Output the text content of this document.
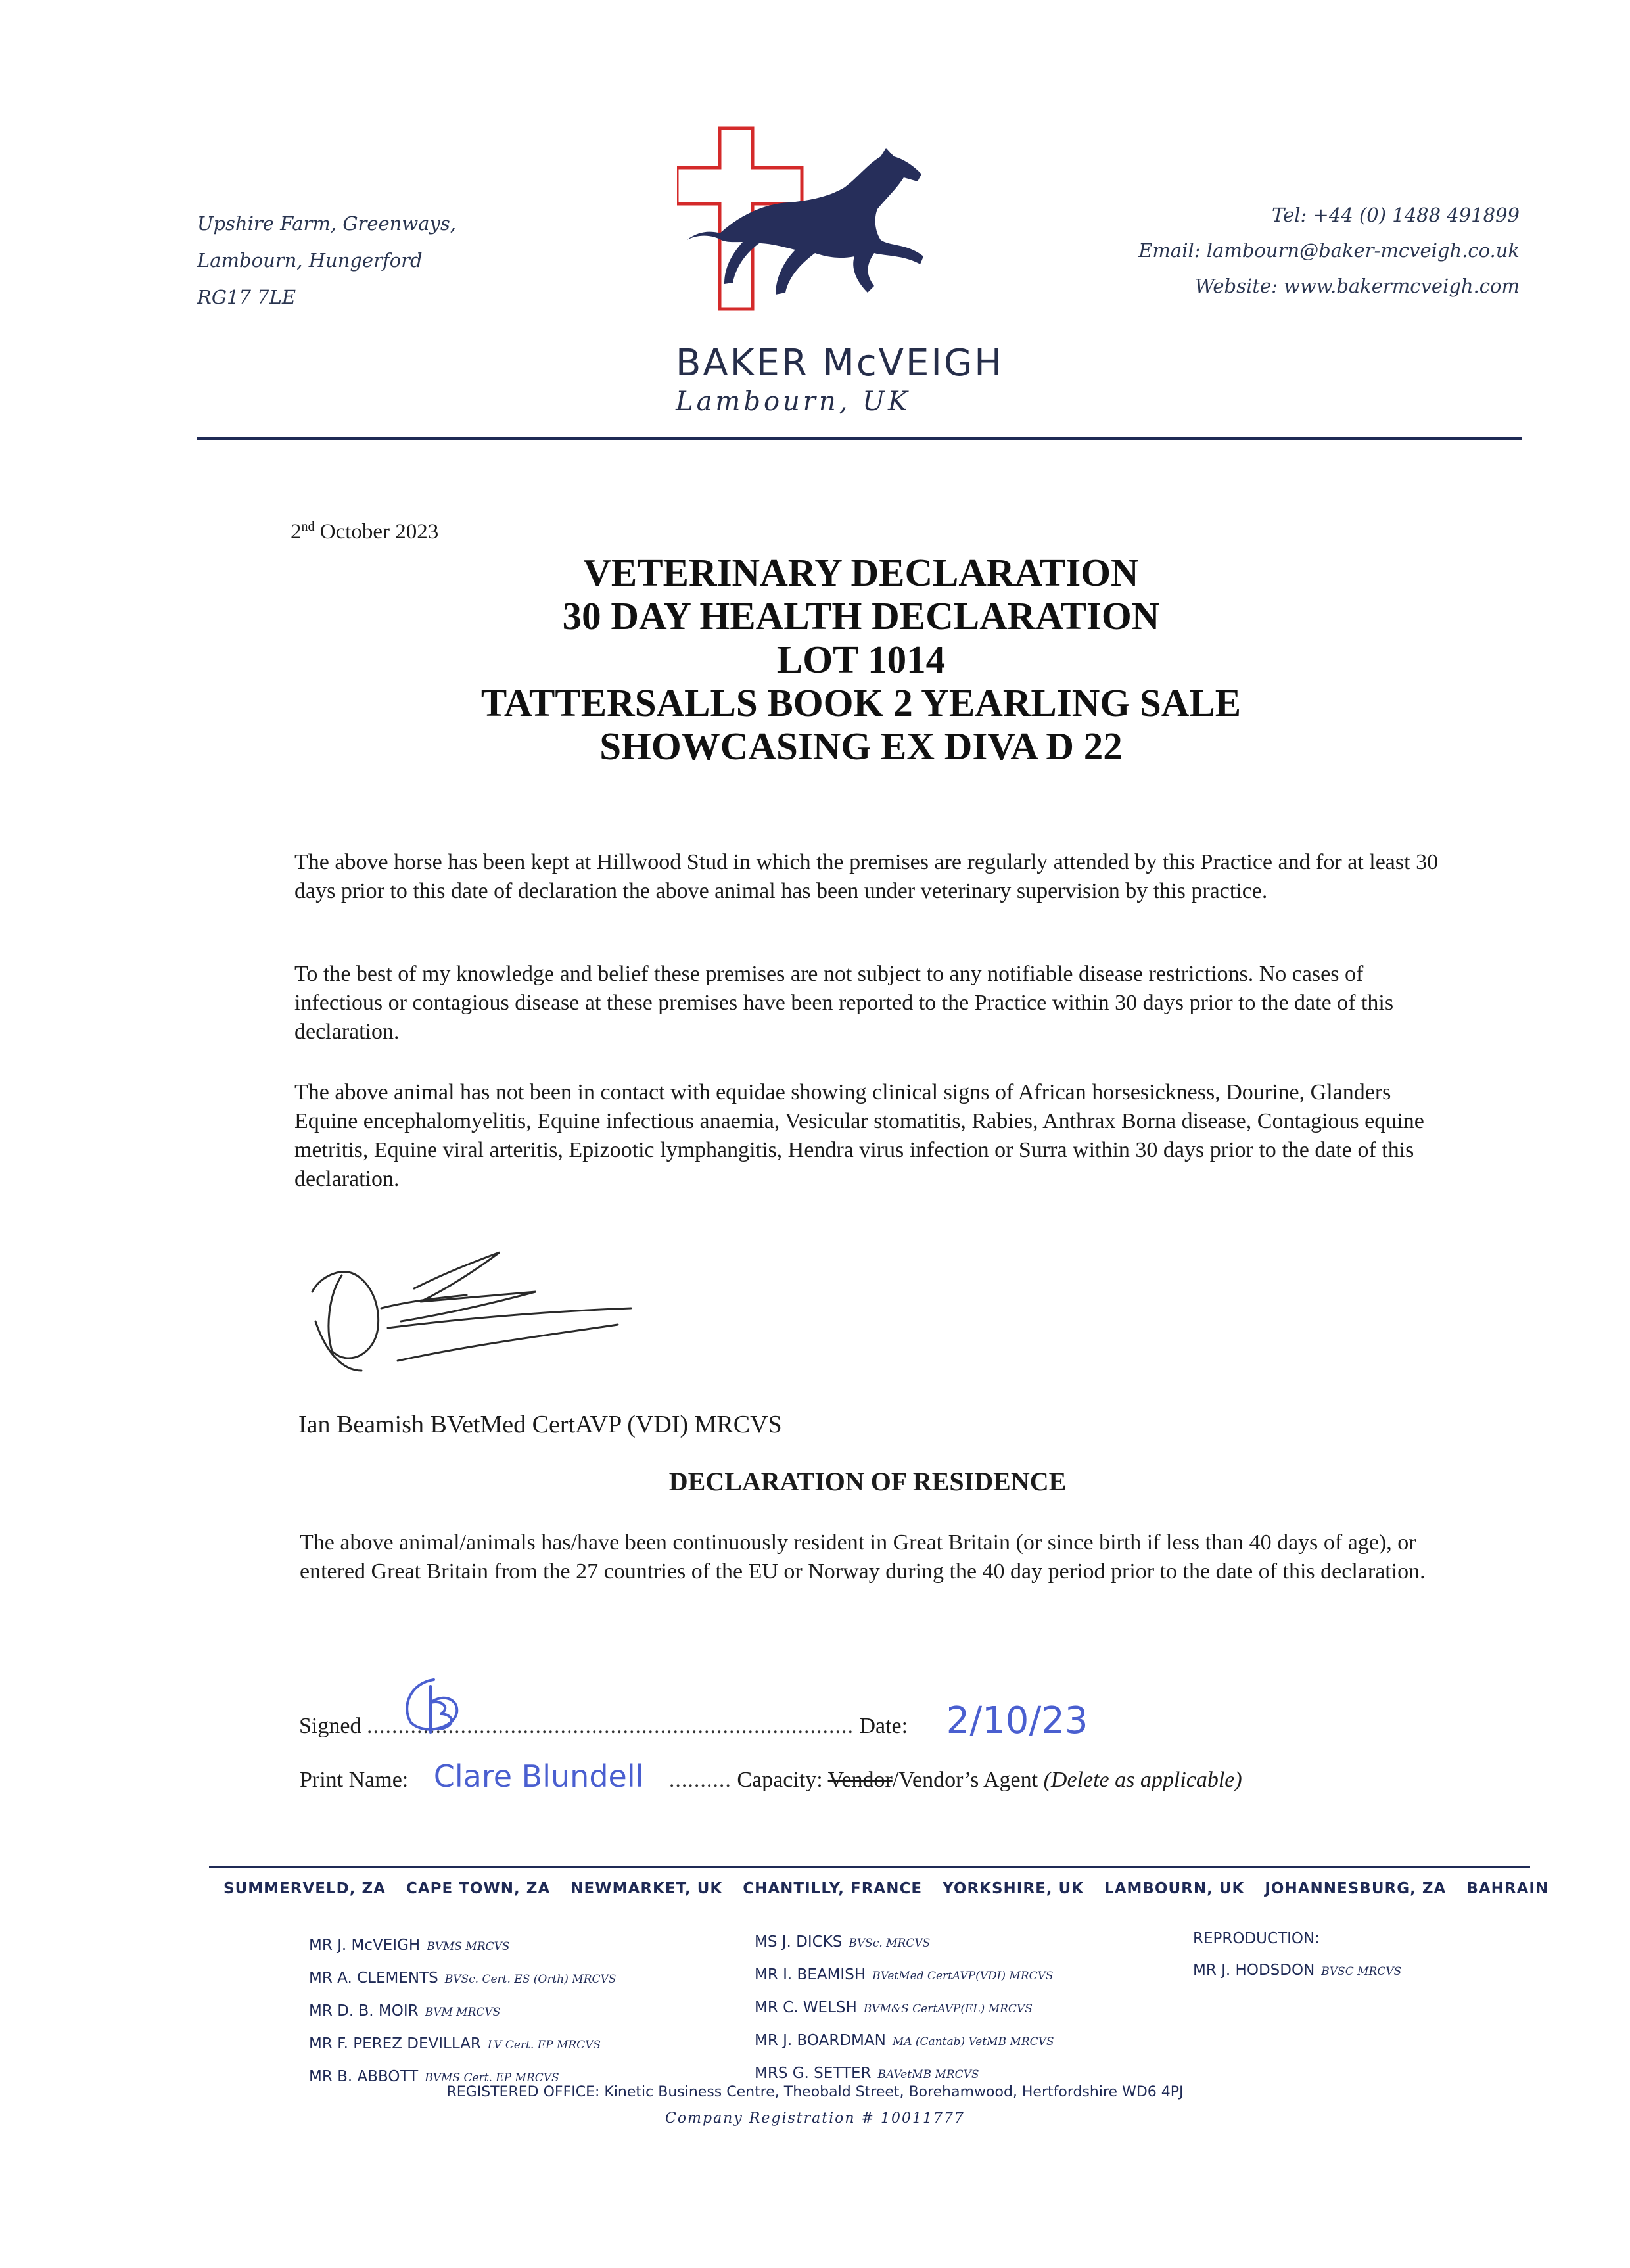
Upshire Farm, Greenways,
Lambourn, Hungerford
RG17 7LE
BAKER McVEIGH
Lambourn, UK
Tel: +44 (0) 1488 491899
Email: lambourn@baker-mcveigh.co.uk
Website: www.bakermcveigh.com
2nd October 2023
VETERINARY DECLARATION
30 DAY HEALTH DECLARATION
LOT 1014
TATTERSALLS BOOK 2 YEARLING SALE
SHOWCASING EX DIVA D 22
The above horse has been kept at Hillwood Stud in which the premises are regularly attended by this Practice and for at least 30 days prior to this date of declaration the above animal has been under veterinary supervision by this practice.
To the best of my knowledge and belief these premises are not subject to any notifiable disease restrictions. No cases of infectious or contagious disease at these premises have been reported to the Practice within 30 days prior to the date of this declaration.
The above animal has not been in contact with equidae showing clinical signs of African horsesickness, Dourine, Glanders Equine encephalomyelitis, Equine infectious anaemia, Vesicular stomatitis, Rabies, Anthrax Borna disease, Contagious equine metritis, Equine viral arteritis, Epizootic lymphangitis, Hendra virus infection or Surra within 30 days prior to the date of this declaration.
Ian Beamish BVetMed CertAVP (VDI) MRCVS
DECLARATION OF RESIDENCE
The above animal/animals has/have been continuously resident in Great Britain (or since birth if less than 40 days of age), or entered Great Britain from the 27 countries of the EU or Norway during the 40 day period prior to the date of this declaration.
Signed .............................................................................. Date: 2/10/23
Print Name: Clare Blundell .......... Capacity: Vendor/Vendor’s Agent (Delete as applicable)
SUMMERVELD, ZA CAPE TOWN, ZA NEWMARKET, UK CHANTILLY, FRANCE YORKSHIRE, UK LAMBOURN, UK JOHANNESBURG, ZA BAHRAIN
MR J. McVEIGH BVMS MRCVS
MR A. CLEMENTS BVSc. Cert. ES (Orth) MRCVS
MR D. B. MOIR BVM MRCVS
MR F. PEREZ DEVILLAR LV Cert. EP MRCVS
MR B. ABBOTT BVMS Cert. EP MRCVS
MS J. DICKS BVSc. MRCVS
MR I. BEAMISH BVetMed CertAVP(VDI) MRCVS
MR C. WELSH BVM&S CertAVP(EL) MRCVS
MR J. BOARDMAN MA (Cantab) VetMB MRCVS
MRS G. SETTER BAVetMB MRCVS
REPRODUCTION:
MR J. HODSDON BVSC MRCVS
REGISTERED OFFICE: Kinetic Business Centre, Theobald Street, Borehamwood, Hertfordshire WD6 4PJ
Company Registration # 10011777
